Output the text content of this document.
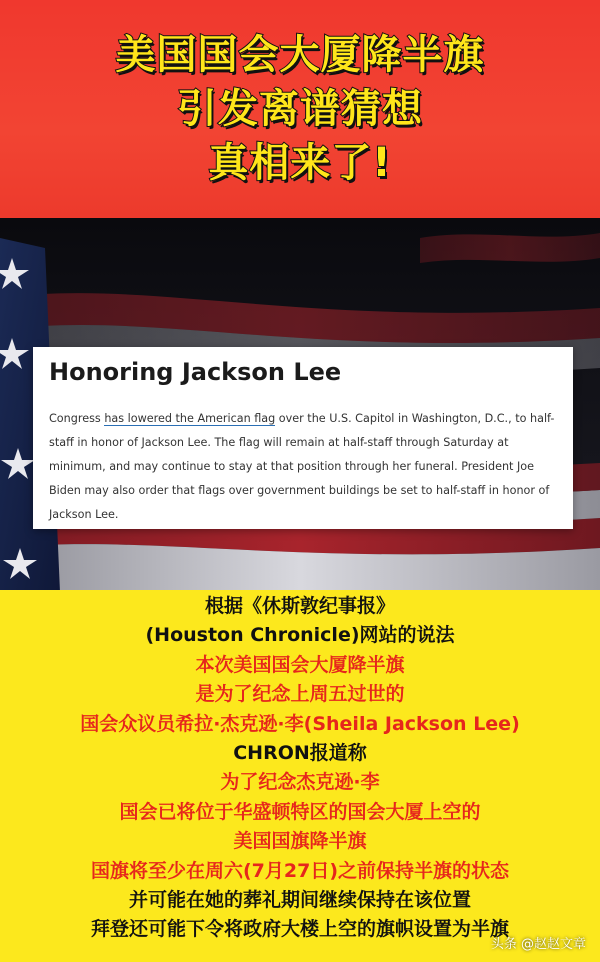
美国国会大厦降半旗
引发离谱猜想
真相来了!
Honoring Jackson Lee
Congress has lowered the American flag over the U.S. Capitol in Washington, D.C., to half-staff in honor of Jackson Lee. The flag will remain at half-staff through Saturday at minimum, and may continue to stay at that position through her funeral. President Joe Biden may also order that flags over government buildings be set to half-staff in honor of Jackson Lee.
根据《休斯敦纪事报》
(Houston Chronicle)网站的说法
本次美国国会大厦降半旗
是为了纪念上周五过世的
国会众议员希拉·杰克逊·李(Sheila Jackson Lee)
CHRON报道称
为了纪念杰克逊·李
国会已将位于华盛顿特区的国会大厦上空的
美国国旗降半旗
国旗将至少在周六(7月27日)之前保持半旗的状态
并可能在她的葬礼期间继续保持在该位置
拜登还可能下令将政府大楼上空的旗帜设置为半旗
头条 @赵赵文章
